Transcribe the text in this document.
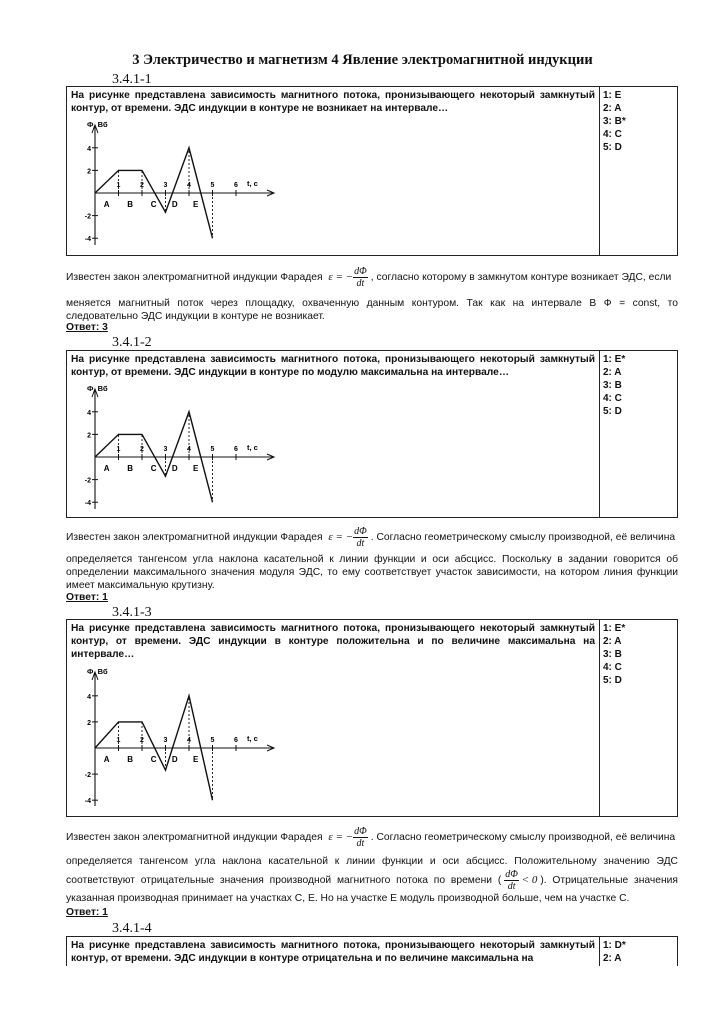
3 Электричество и магнетизм 4 Явление электромагнитной индукции
3.4.1-1
На рисунке представлена зависимость магнитного потока, пронизывающего некоторый замкнутый контур, от времени. ЭДС индукции в контуре не возникает на интервале…
1: E
2: A
3: B*
4: C
5: D
Ф, Вб
t, с
4
2
-2
-4
1	2	3	4	5	6
A B C D E
Известен закон электромагнитной индукции Фарадея ε = − $\frac{d\Phi}{dt}$ , согласно которому в замкнутом контуре возникает ЭДС, если
меняется магнитный поток через площадку, охваченную данным контуром. Так как на интервале B Ф = const, то следовательно ЭДС индукции в контуре не возникает.
Ответ: 3
3.4.1-2
На рисунке представлена зависимость магнитного потока, пронизывающего некоторый замкнутый контур, от времени. ЭДС индукции в контуре по модулю максимальна на интервале…
1: E*
2: A
3: B
4: C
5: D
Ф, Вб
t, с
4
2
-2
-4
1	2	3	4	5	6
A B C D E
Известен закон электромагнитной индукции Фарадея ε = − $\frac{d\Phi}{dt}$ . Согласно геометрическому смыслу производной, её величина
определяется тангенсом угла наклона касательной к линии функции и оси абсцисс. Поскольку в задании говорится об определении максимального значения модуля ЭДС, то ему соответствует участок зависимости, на котором линия функции имеет максимальную крутизну.
Ответ: 1
3.4.1-3
На рисунке представлена зависимость магнитного потока, пронизывающего некоторый замкнутый контур, от времени. ЭДС индукции в контуре положительна и по величине максимальна на интервале…
1: E*
2: A
3: B
4: C
5: D
Ф, Вб
t, с
4
2
-2
-4
1	2	3	4	5	6
A B C D E
Известен закон электромагнитной индукции Фарадея ε = − $\frac{d\Phi}{dt}$ . Согласно геометрическому смыслу производной, её величина
определяется тангенсом угла наклона касательной к линии функции и оси абсцисс. Положительному значению ЭДС соответствуют отрицательные значения производной магнитного потока по времени ( $\frac{d\Phi}{dt} < 0$ ). Отрицательные значения указанная производная принимает на участках C, E. Но на участке E модуль производной больше, чем на участке C.
Ответ: 1
3.4.1-4
На рисунке представлена зависимость магнитного потока, пронизывающего некоторый замкнутый контур, от времени. ЭДС индукции в контуре отрицательна и по величине максимальна на
1: D*
2: A
